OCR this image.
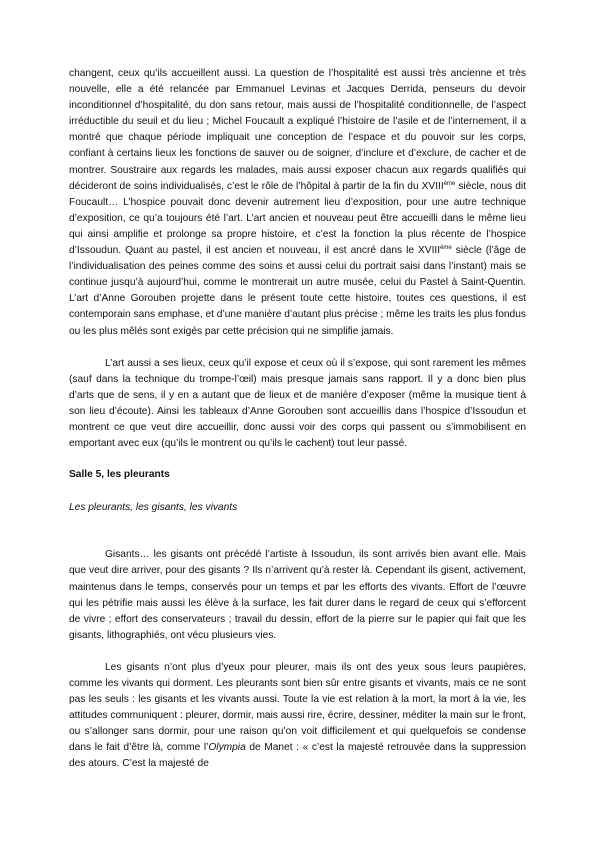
changent, ceux qu’ils accueillent aussi. La question de l’hospitalité est aussi très ancienne et très nouvelle, elle a été relancée par Emmanuel Levinas et Jacques Derrida, penseurs du devoir inconditionnel d’hospitalité, du don sans retour, mais aussi de l’hospitalité conditionnelle, de l’aspect irréductible du seuil et du lieu ; Michel Foucault a expliqué l’histoire de l’asile et de l’internement, il a montré que chaque période impliquait une conception de l’espace et du pouvoir sur les corps, confiant à certains lieux les fonctions de sauver ou de soigner, d’inclure et d’exclure, de cacher et de montrer. Soustraire aux regards les malades, mais aussi exposer chacun aux regards qualifiés qui décideront de soins individualisés, c’est le rôle de l’hôpital à partir de la fin du XVIIIème siècle, nous dit Foucault… L’hospice pouvait donc devenir autrement lieu d’exposition, pour une autre technique d’exposition, ce qu’a toujours été l’art. L’art ancien et nouveau peut être accueilli dans le même lieu qui ainsi amplifie et prolonge sa propre histoire, et c’est la fonction la plus récente de l’hospice d’Issoudun. Quant au pastel, il est ancien et nouveau, il est ancré dans le XVIIIème siècle (l’âge de l’individualisation des peines comme des soins et aussi celui du portrait saisi dans l’instant) mais se continue jusqu’à aujourd’hui, comme le montrerait un autre musée, celui du Pastel à Saint-Quentin. L’art d’Anne Gorouben projette dans le présent toute cette histoire, toutes ces questions, il est contemporain sans emphase, et d’une manière d’autant plus précise ; même les traits les plus fondus ou les plus mêlés sont exigés par cette précision qui ne simplifie jamais.

L’art aussi a ses lieux, ceux qu’il expose et ceux où il s’expose, qui sont rarement les mêmes (sauf dans la technique du trompe-l’œil) mais presque jamais sans rapport. Il y a donc bien plus d’arts que de sens, il y en a autant que de lieux et de manière d’exposer (même la musique tient à son lieu d’écoute). Ainsi les tableaux d’Anne Gorouben sont accueillis dans l’hospice d’Issoudun et montrent ce que veut dire accueillir, donc aussi voir des corps qui passent ou s’immobilisent en emportant avec eux (qu’ils le montrent ou qu’ils le cachent) tout leur passé.

Salle 5, les pleurants

Les pleurants, les gisants, les vivants

Gisants… les gisants ont précédé l’artiste à Issoudun, ils sont arrivés bien avant elle. Mais que veut dire arriver, pour des gisants ? Ils n’arrivent qu’à rester là. Cependant ils gisent, activement, maintenus dans le temps, conservés pour un temps et par les efforts des vivants. Effort de l’œuvre qui les pétrifie mais aussi les élève à la surface, les fait durer dans le regard de ceux qui s’efforcent de vivre ; effort des conservateurs ; travail du dessin, effort de la pierre sur le papier qui fait que les gisants, lithographiés, ont vécu plusieurs vies.

Les gisants n’ont plus d’yeux pour pleurer, mais ils ont des yeux sous leurs paupières, comme les vivants qui dorment. Les pleurants sont bien sûr entre gisants et vivants, mais ce ne sont pas les seuls : les gisants et les vivants aussi. Toute la vie est relation à la mort, la mort à la vie, les attitudes communiquent : pleurer, dormir, mais aussi rire, écrire, dessiner, méditer la main sur le front, ou s’allonger sans dormir, pour une raison qu’on voit difficilement et qui quelquefois se condense dans le fait d’être là, comme l’Olympia de Manet : « c’est la majesté retrouvée dans la suppression des atours. C’est la majesté de
